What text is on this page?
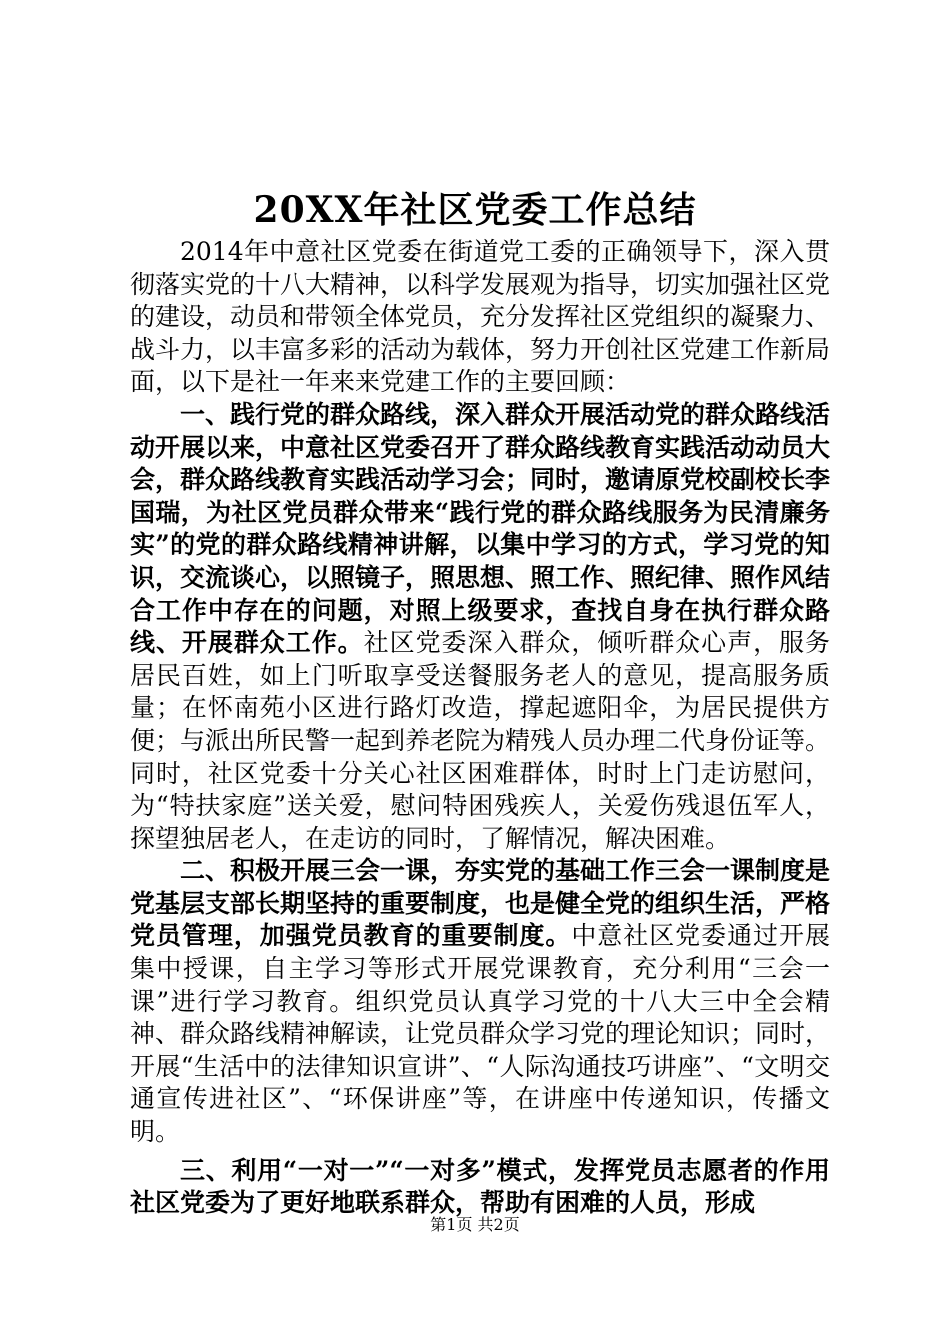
20XX年社区党委工作总结

2014年中意社区党委在街道党工委的正确领导下，深入贯彻落实党的十八大精神，以科学发展观为指导，切实加强社区党的建设，动员和带领全体党员，充分发挥社区党组织的凝聚力、战斗力，以丰富多彩的活动为载体，努力开创社区党建工作新局面，以下是社一年来来党建工作的主要回顾：

一、践行党的群众路线，深入群众开展活动党的群众路线活动开展以来，中意社区党委召开了群众路线教育实践活动动员大会，群众路线教育实践活动学习会；同时，邀请原党校副校长李国瑞，为社区党员群众带来“践行党的群众路线服务为民清廉务实”的党的群众路线精神讲解，以集中学习的方式，学习党的知识，交流谈心，以照镜子，照思想、照工作、照纪律、照作风结合工作中存在的问题，对照上级要求，查找自身在执行群众路线、开展群众工作。社区党委深入群众，倾听群众心声，服务居民百姓，如上门听取享受送餐服务老人的意见，提高服务质量；在怀南苑小区进行路灯改造，撑起遮阳伞，为居民提供方便；与派出所民警一起到养老院为精残人员办理二代身份证等。同时，社区党委十分关心社区困难群体，时时上门走访慰问，为“特扶家庭”送关爱，慰问特困残疾人，关爱伤残退伍军人，探望独居老人，在走访的同时，了解情况，解决困难。

二、积极开展三会一课，夯实党的基础工作三会一课制度是党基层支部长期坚持的重要制度，也是健全党的组织生活，严格党员管理，加强党员教育的重要制度。中意社区党委通过开展集中授课，自主学习等形式开展党课教育，充分利用“三会一课”进行学习教育。组织党员认真学习党的十八大三中全会精神、群众路线精神解读，让党员群众学习党的理论知识；同时，开展“生活中的法律知识宣讲”、“人际沟通技巧讲座”、“文明交通宣传进社区”、“环保讲座”等，在讲座中传递知识，传播文明。

三、利用“一对一”“一对多”模式，发挥党员志愿者的作用社区党委为了更好地联系群众，帮助有困难的人员，形成

第1页 共2页
